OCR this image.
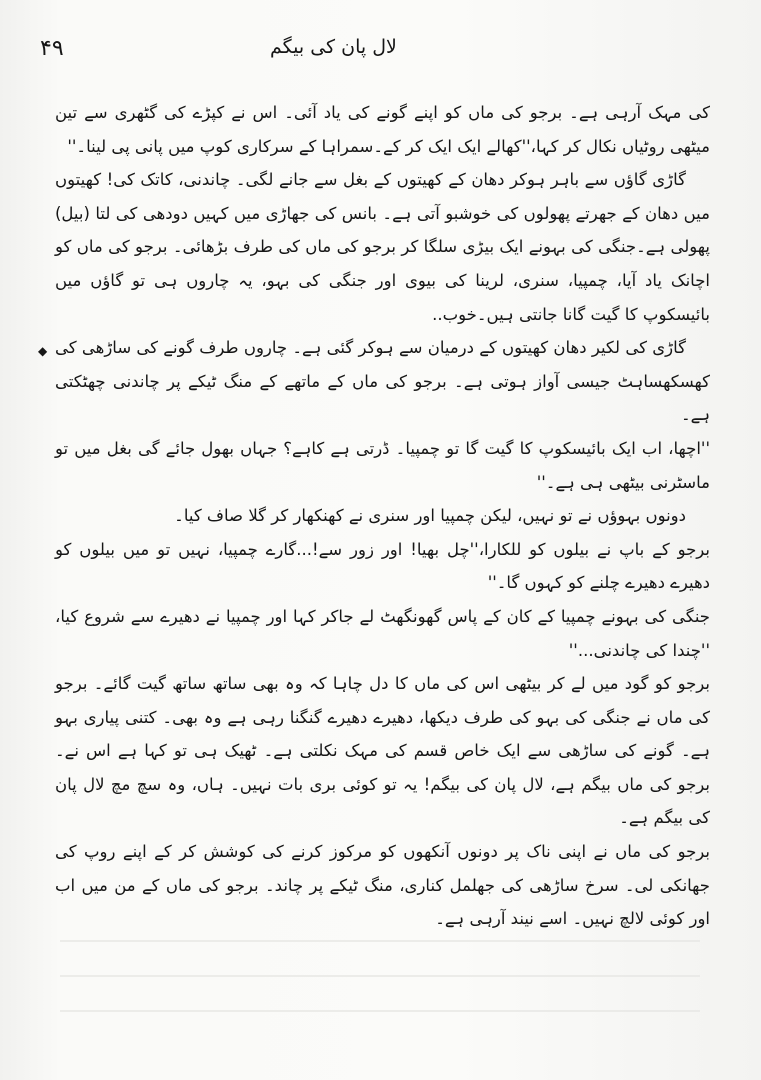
۴۹	لال پان کی بیگم
◆

کی مہک آرہی ہے۔ برجو کی ماں کو اپنے گونے کی یاد آئی۔ اس نے کپڑے کی گٹھری سے تین میٹھی روٹیاں نکال کر کہا،''کھالے ایک ایک کر کے۔سمراہا کے سرکاری کوپ میں پانی پی لینا۔''

گاڑی گاؤں سے باہر ہوکر دھان کے کھیتوں کے بغل سے جانے لگی۔ چاندنی، کاتک کی! کھیتوں میں دھان کے جھرتے پھولوں کی خوشبو آتی ہے۔ بانس کی جھاڑی میں کہیں دودھی کی لتا (بیل) پھولی ہے۔جنگی کی بہونے ایک بیڑی سلگا کر برجو کی ماں کی طرف بڑھائی۔ برجو کی ماں کو اچانک یاد آیا، چمپیا، سنری، لرینا کی بیوی اور جنگی کی بہو، یہ چاروں ہی تو گاؤں میں بائیسکوپ کا گیت گانا جانتی ہیں۔خوب..

گاڑی کی لکیر دھان کھیتوں کے درمیان سے ہوکر گئی ہے۔ چاروں طرف گونے کی ساڑھی کی کھسکھساہٹ جیسی آواز ہوتی ہے۔ برجو کی ماں کے ماتھے کے منگ ٹیکے پر چاندنی چھٹکتی ہے۔

''اچھا، اب ایک بائیسکوپ کا گیت گا تو چمپیا۔ ڈرتی ہے کاہے؟ جہاں بھول جائے گی بغل میں تو ماسٹرنی بیٹھی ہی ہے۔''

دونوں بہوؤں نے تو نہیں، لیکن چمپیا اور سنری نے کھنکھار کر گلا صاف کیا۔

برجو کے باپ نے بیلوں کو للکارا،''چل بھیا! اور زور سے!...گارے چمپیا، نہیں تو میں بیلوں کو دھیرے دھیرے چلنے کو کہوں گا۔''

جنگی کی بہونے چمپیا کے کان کے پاس گھونگھٹ لے جاکر کہا اور چمپیا نے دھیرے سے شروع کیا، ''چندا کی چاندنی...''

برجو کو گود میں لے کر بیٹھی اس کی ماں کا دل چاہا کہ وہ بھی ساتھ ساتھ گیت گائے۔ برجو کی ماں نے جنگی کی بہو کی طرف دیکھا، دھیرے دھیرے گنگنا رہی ہے وہ بھی۔ کتنی پیاری بہو ہے۔ گونے کی ساڑھی سے ایک خاص قسم کی مہک نکلتی ہے۔ ٹھیک ہی تو کہا ہے اس نے۔ برجو کی ماں بیگم ہے، لال پان کی بیگم! یہ تو کوئی بری بات نہیں۔ ہاں، وہ سچ مچ لال پان کی بیگم ہے۔

برجو کی ماں نے اپنی ناک پر دونوں آنکھوں کو مرکوز کرنے کی کوشش کر کے اپنے روپ کی جھانکی لی۔ سرخ ساڑھی کی جھلمل کناری، منگ ٹیکے پر چاند۔ برجو کی ماں کے من میں اب اور کوئی لالچ نہیں۔ اسے نیند آرہی ہے۔
